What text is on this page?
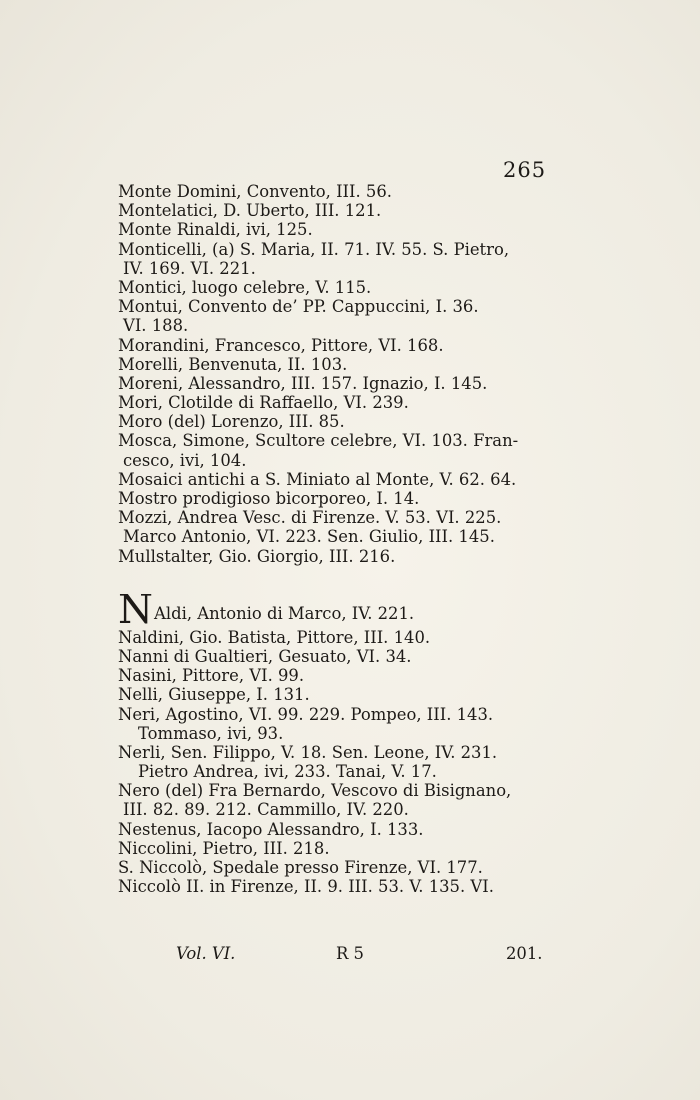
265
Monte Domini, Convento, III. 56.
Montelatici, D. Uberto, III. 121.
Monte Rinaldi, ivi, 125.
Monticelli, (a) S. Maria, II. 71. IV. 55. S. Pietro,
IV. 169. VI. 221.
Montici, luogo celebre, V. 115.
Montui, Convento de’ PP. Cappuccini, I. 36.
VI. 188.
Morandini, Francesco, Pittore, VI. 168.
Morelli, Benvenuta, II. 103.
Moreni, Alessandro, III. 157. Ignazio, I. 145.
Mori, Clotilde di Raffaello, VI. 239.
Moro (del) Lorenzo, III. 85.
Mosca, Simone, Scultore celebre, VI. 103. Fran-
cesco, ivi, 104.
Mosaici antichi a S. Miniato al Monte, V. 62. 64.
Mostro prodigioso bicorporeo, I. 14.
Mozzi, Andrea Vesc. di Firenze. V. 53. VI. 225.
Marco Antonio, VI. 223. Sen. Giulio, III. 145.
Mullstalter, Gio. Giorgio, III. 216.
NAldi, Antonio di Marco, IV. 221.
Naldini, Gio. Batista, Pittore, III. 140.
Nanni di Gualtieri, Gesuato, VI. 34.
Nasini, Pittore, VI. 99.
Nelli, Giuseppe, I. 131.
Neri, Agostino, VI. 99. 229. Pompeo, III. 143.
Tommaso, ivi, 93.
Nerli, Sen. Filippo, V. 18. Sen. Leone, IV. 231.
Pietro Andrea, ivi, 233. Tanai, V. 17.
Nero (del) Fra Bernardo, Vescovo di Bisignano,
III. 82. 89. 212. Cammillo, IV. 220.
Nestenus, Iacopo Alessandro, I. 133.
Niccolini, Pietro, III. 218.
S. Niccolò, Spedale presso Firenze, VI. 177.
Niccolò II. in Firenze, II. 9. III. 53. V. 135. VI.
Vol. VI.	R 5	201.
